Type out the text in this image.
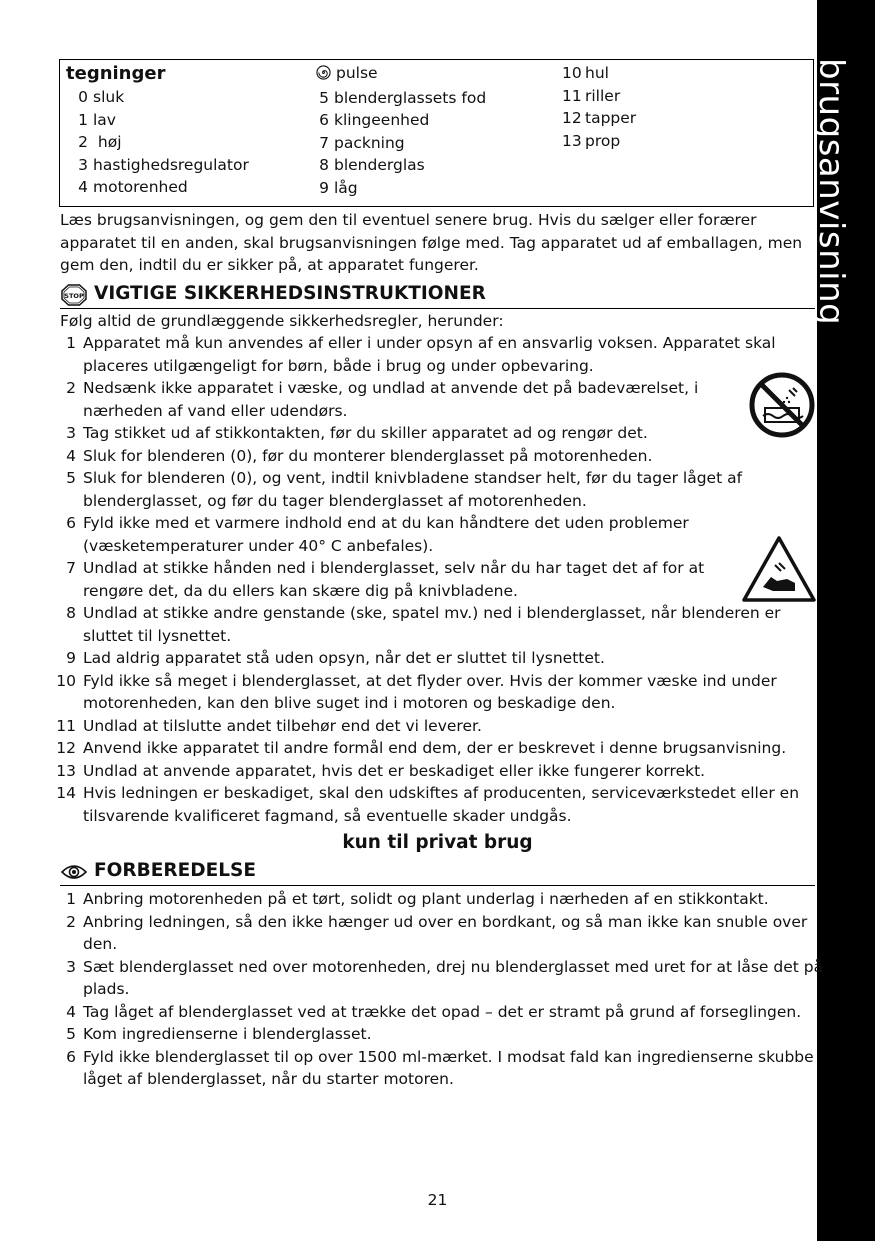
brugsanvisning
tegninger
0 sluk
1 lav
2 høj
3 hastighedsregulator
4 motorenhed
pulse
5 blenderglassets fod
6 klingeenhed
7 packning
8 blenderglas
9 låg
10 hul
11 riller
12 tapper
13 prop
Læs brugsanvisningen, og gem den til eventuel senere brug. Hvis du sælger eller forærer apparatet til en anden, skal brugsanvisningen følge med. Tag apparatet ud af emballagen, men gem den, indtil du er sikker på, at apparatet fungerer.
STOP VIGTIGE SIKKERHEDSINSTRUKTIONER
Følg altid de grundlæggende sikkerhedsregler, herunder:
1 Apparatet må kun anvendes af eller i under opsyn af en ansvarlig voksen. Apparatet skal placeres utilgængeligt for børn, både i brug og under opbevaring.
2 Nedsænk ikke apparatet i væske, og undlad at anvende det på badeværelset, i nærheden af vand eller udendørs.
3 Tag stikket ud af stikkontakten, før du skiller apparatet ad og rengør det.
4 Sluk for blenderen (0), før du monterer blenderglasset på motorenheden.
5 Sluk for blenderen (0), og vent, indtil knivbladene standser helt, før du tager låget af blenderglasset, og før du tager blenderglasset af motorenheden.
6 Fyld ikke med et varmere indhold end at du kan håndtere det uden problemer (væsketemperaturer under 40° C anbefales).
7 Undlad at stikke hånden ned i blenderglasset, selv når du har taget det af for at rengøre det, da du ellers kan skære dig på knivbladene.
8 Undlad at stikke andre genstande (ske, spatel mv.) ned i blenderglasset, når blenderen er sluttet til lysnettet.
9 Lad aldrig apparatet stå uden opsyn, når det er sluttet til lysnettet.
10 Fyld ikke så meget i blenderglasset, at det flyder over. Hvis der kommer væske ind under motorenheden, kan den blive suget ind i motoren og beskadige den.
11 Undlad at tilslutte andet tilbehør end det vi leverer.
12 Anvend ikke apparatet til andre formål end dem, der er beskrevet i denne brugsanvisning.
13 Undlad at anvende apparatet, hvis det er beskadiget eller ikke fungerer korrekt.
14 Hvis ledningen er beskadiget, skal den udskiftes af producenten, serviceværkstedet eller en tilsvarende kvalificeret fagmand, så eventuelle skader undgås.
kun til privat brug
FORBEREDELSE
1 Anbring motorenheden på et tørt, solidt og plant underlag i nærheden af en stikkontakt.
2 Anbring ledningen, så den ikke hænger ud over en bordkant, og så man ikke kan snuble over den.
3 Sæt blenderglasset ned over motorenheden, drej nu blenderglasset med uret for at låse det på plads.
4 Tag låget af blenderglasset ved at trække det opad – det er stramt på grund af forseglingen.
5 Kom ingredienserne i blenderglasset.
6 Fyld ikke blenderglasset til op over 1500 ml-mærket. I modsat fald kan ingredienserne skubbe låget af blenderglasset, når du starter motoren.
21
